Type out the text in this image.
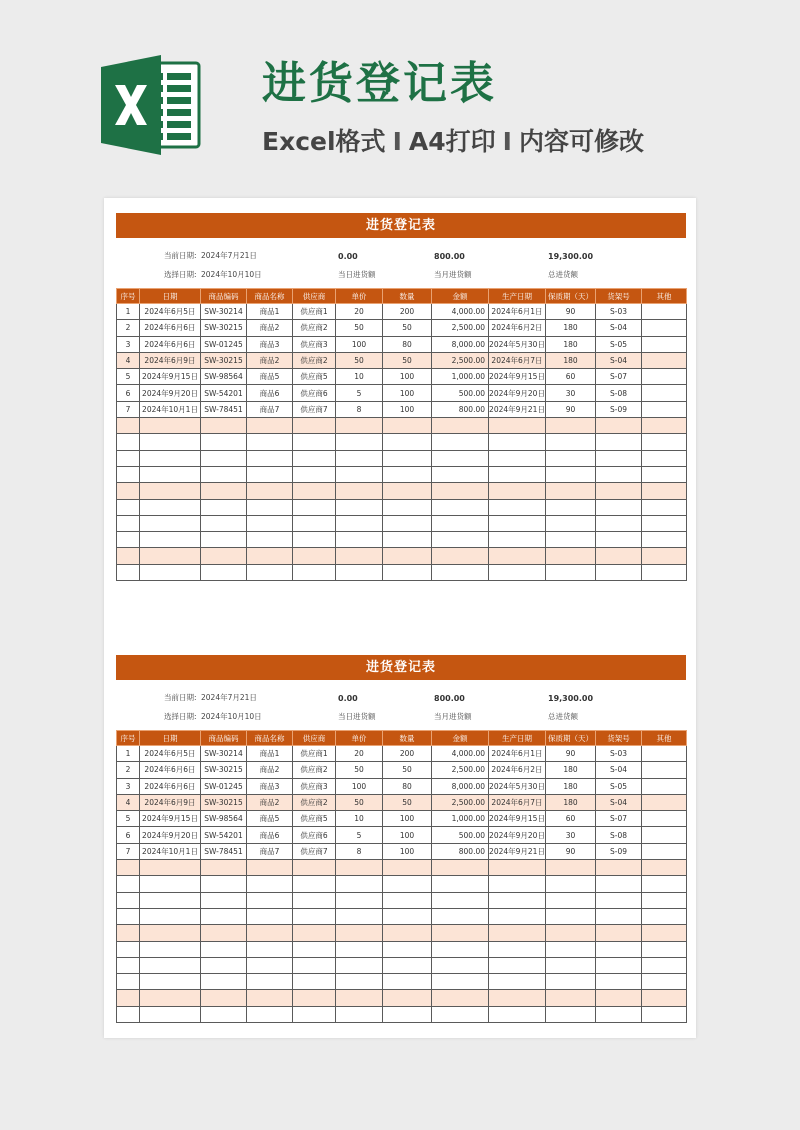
进货登记表
Excel格式 I A4打印 I 内容可修改
进货登记表
当前日期: 2024年7月21日
选择日期: 2024年10月10日
0.00
当日进货额
800.00
当月进货额
19,300.00
总进货额
序号	日期	商品编码	商品名称	供应商	单价	数量	金额	生产日期	保质期（天）	货架号	其他
1	2024年6月5日	SW-30214	商品1	供应商1	20	200	4,000.00	2024年6月1日	90	S-03	
2	2024年6月6日	SW-30215	商品2	供应商2	50	50	2,500.00	2024年6月2日	180	S-04	
3	2024年6月6日	SW-01245	商品3	供应商3	100	80	8,000.00	2024年5月30日	180	S-05	
4	2024年6月9日	SW-30215	商品2	供应商2	50	50	2,500.00	2024年6月7日	180	S-04	
5	2024年9月15日	SW-98564	商品5	供应商5	10	100	1,000.00	2024年9月15日	60	S-07	
6	2024年9月20日	SW-54201	商品6	供应商6	5	100	500.00	2024年9月20日	30	S-08	
7	2024年10月1日	SW-78451	商品7	供应商7	8	100	800.00	2024年9月21日	90	S-09	

进货登记表
当前日期: 2024年7月21日
选择日期: 2024年10月10日
0.00
当日进货额
800.00
当月进货额
19,300.00
总进货额
序号	日期	商品编码	商品名称	供应商	单价	数量	金额	生产日期	保质期（天）	货架号	其他
1	2024年6月5日	SW-30214	商品1	供应商1	20	200	4,000.00	2024年6月1日	90	S-03	
2	2024年6月6日	SW-30215	商品2	供应商2	50	50	2,500.00	2024年6月2日	180	S-04	
3	2024年6月6日	SW-01245	商品3	供应商3	100	80	8,000.00	2024年5月30日	180	S-05	
4	2024年6月9日	SW-30215	商品2	供应商2	50	50	2,500.00	2024年6月7日	180	S-04	
5	2024年9月15日	SW-98564	商品5	供应商5	10	100	1,000.00	2024年9月15日	60	S-07	
6	2024年9月20日	SW-54201	商品6	供应商6	5	100	500.00	2024年9月20日	30	S-08	
7	2024年10月1日	SW-78451	商品7	供应商7	8	100	800.00	2024年9月21日	90	S-09	
